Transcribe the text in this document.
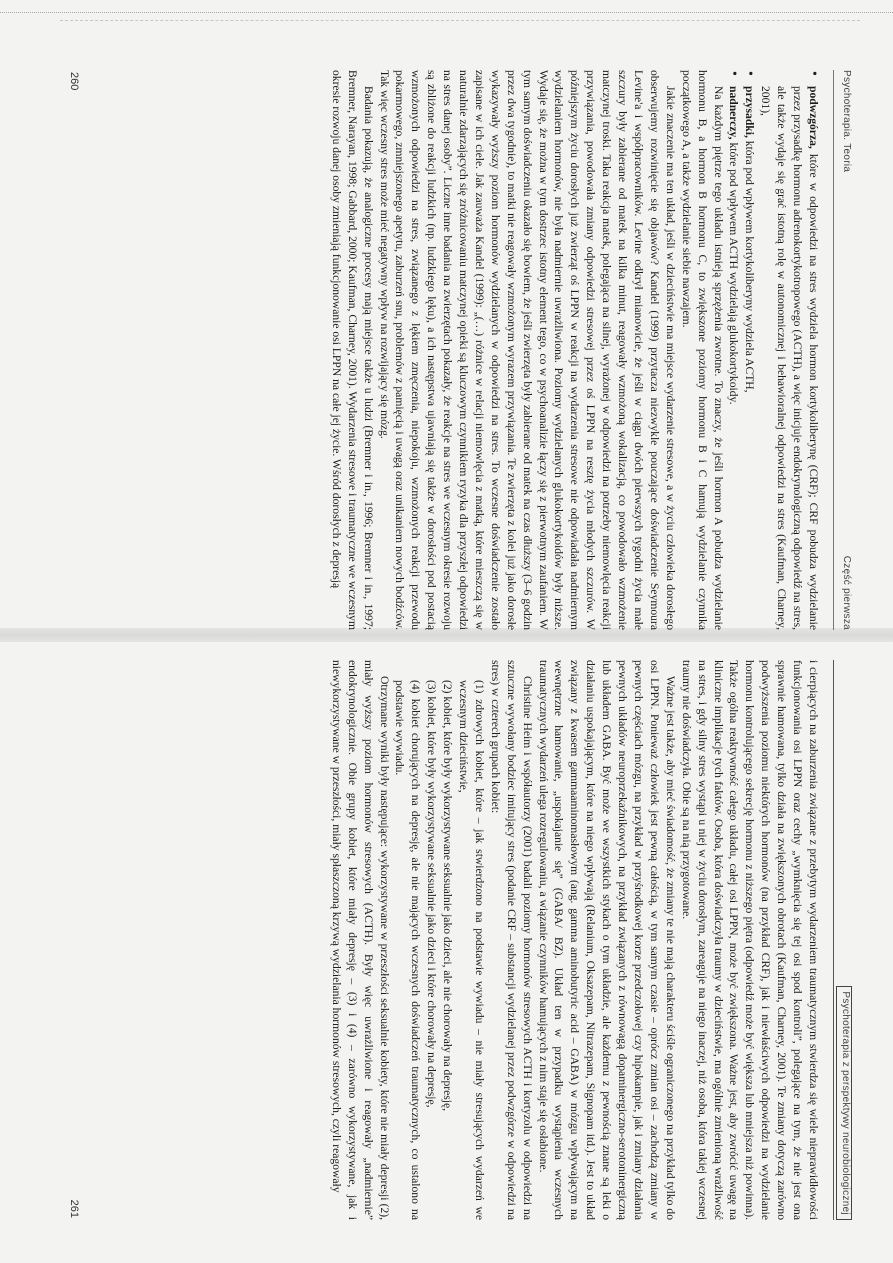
Psychoterapia. Teoria
Część pierwsza
• podwzgórza, które w odpowiedzi na stres wydziela hormon kortykoliberynę (CRF); CRF pobudza wydzielanie przez przysadkę hormonu adrenokortykotropowego (ACTH), a więc inicjuje endokrynologiczną odpowiedź na stres, ale także wydaje się grać istotną rolę w autonomicznej i behawioralnej odpowiedzi na stres (Kaufman, Charney, 2001),
• przysadki, która pod wpływem kortykoliberyny wydziela ACTH,
• nadnerczy, które pod wpływem ACTH wydzielają glukokortykoidy.

Na każdym piętrze tego układu istnieją sprzężenia zwrotne. To znaczy, że jeśli hormon A pobudza wydzielanie hormonu B, a hormon B hormonu C, to zwiększone poziomy hormonu B i C hamują wydzielanie czynnika początkowego A, a także wydzielanie siebie nawzajem.

Jakie znaczenie ma ten układ, jeśli w dzieciństwie ma miejsce wydarzenie stresowe, a w życiu człowieka dorosłego obserwujemy rozwinięcie się objawów? Kandel (1999) przytacza niezwykle pouczające doświadczenie Seymoura Levine'a i współpracowników. Levine odkrył mianowicie, że jeśli w ciągu dwóch pierwszych tygodni życia małe szczury były zabierane od matek na kilka minut, reagowały wzmożoną wokalizacją, co powodowało wzmożenie matczynej troski. Taka reakcja matek, polegająca na silnej, wyrażonej w odpowiedzi na potrzeby niemowlęcia reakcji przywiązania, powodowała zmiany odpowiedzi stresowej przez oś LPPN na resztę życia młodych szczurów. W późniejszym życiu dorosłych już zwierząt oś LPPN w reakcji na wydarzenia stresowe nie odpowiadała nadmiernym wydzielaniem hormonów, nie była nadmiernie uwrażliwiona. Poziomy wydzielanych glukokortykoidów były niższe. Wydaje się, że można w tym dostrzec istotny element tego, co w psychoanalizie łączy się z pierwotnym zaufaniem. W tym samym doświadczeniu okazało się bowiem, że jeśli zwierzęta były zabierane od matek na czas dłuższy (3–6 godzin przez dwa tygodnie), to matki nie reagowały wzmożonym wyrazem przywiązania. Te zwierzęta z kolei już jako dorosłe wykazywały wyższy poziom hormonów wydzielanych w odpowiedzi na stres. To wczesne doświadczenie zostało zapisane w ich ciele. Jak zauważa Kandel (1999): „(…) różnice w relacji niemowlęcia z matką, które mieszczą się w naturalnie zdarzających się zróżnicowaniu matczynej opieki są kluczowym czynnikiem ryzyka dla przyszłej odpowiedzi na stres danej osoby”. Liczne inne badania na zwierzętach pokazały, że reakcje na stres we wczesnym okresie rozwoju są zbliżone do reakcji ludzkich (np. ludzkiego lęku), a ich następstwa ujawniają się także w dorosłości pod postacią wzmożonych odpowiedzi na stres, związanego z lękiem zmęczenia, niepokoju, wzmożonych reakcji przewodu pokarmowego, zmniejszonego apetytu, zaburzeń snu, problemów z pamięcią i uwagą oraz unikaniem nowych bodźców. Tak więc wczesny stres może mieć negatywny wpływ na rozwijający się mózg.

Badania pokazują, że analogiczne procesy mają miejsce także u ludzi (Bremner i in., 1996; Bremner i in., 1997; Bremner, Narayan, 1998; Gabbard, 2000; Kaufman, Charney, 2001). Wydarzenia stresowe i traumatyczne we wczesnym okresie rozwoju danej osoby zmieniają funkcjonowanie osi LPPN na całe jej życie. Wśród dorosłych z depresją

260
Psychoterapia z perspektywy neurobiologicznej

i cierpiących na zaburzenia związane z przebytym wydarzeniem traumatycznym stwierdza się wiele nieprawidłowości funkcjonowania osi LPPN oraz cechy „wymknięcia się tej osi spod kontroli”, polegające na tym, że nie jest ona sprawnie hamowana, tylko działa na zwiększonych obrotach (Kaufman, Charney, 2001). Te zmiany dotyczą zarówno podwyższenia poziomu niektórych hormonów (na przykład CRF), jak i niewłaściwych odpowiedzi na wydzielanie hormonu kontrolującego sekrecję hormonu z niższego piętra (odpowiedź może być większa lub mniejsza niż powinna). Także ogólna reaktywność całego układu, całej osi LPPN, może być zwiększona. Ważne jest, aby zwrócić uwagę na kliniczne implikacje tych faktów. Osoba, która doświadczyła traumy w dzieciństwie, ma ogólnie zmienioną wrażliwość na stres, i gdy silny stres wystąpi u niej w życiu dorosłym, zareaguje na niego inaczej, niż osoba, która takiej wczesnej traumy nie doświadczyła. Obie są na nią przygotowane.

Ważne jest także, aby mieć świadomość, że zmiany te nie mają charakteru ściśle ograniczonego na przykład tylko do osi LPPN. Ponieważ człowiek jest pewną całością, w tym samym czasie – oprócz zmian osi – zachodzą zmiany w pewnych częściach mózgu, na przykład w przyśrodkowej korze przedczołowej czy hipokampie, jak i zmiany działania pewnych układów neuroprzekaźnikowych, na przykład związanych z równowagą dopaminergiczno-serotoninergiczną lub układem GABA. Być może we wszystkich stykach o tym układzie, ale każdemu z pewnością znane są leki o działaniu uspokajającym, które na niego wpływają (Relanium, Oksazepam, Nitrazepam, Signopam itd.). Jest to układ związany z kwasem gammaaminomasłowym (ang. gamma aminobutyric acid – GABA) w mózgu wpływającym na wewnętrzne hamowanie, „uspokajanie się” (GABA/ BZ). Układ ten w przypadku wystąpienia wczesnych traumatycznych wydarzeń ulega rozregulowaniu, a wiązanie czynników hamujących z nim staje się osłabione.

Christine Heim i współautorzy (2001) badali poziomy hormonów stresowych ACTH i kortyzolu w odpowiedzi na sztuczne wywołany bodziec imitujący stres (podanie CRF – substancji wydzielanej przez podwzgórze w odpowiedzi na stres) w czterech grupach kobiet:

(1) zdrowych kobiet, które – jak stwierdzono na podstawie wywiadu – nie miały stresujących wydarzeń we wczesnym dzieciństwie,
(2) kobiet, które były wykorzystywane seksualnie jako dzieci, ale nie chorowały na depresję,
(3) kobiet, które były wykorzystywane seksualnie jako dzieci i które chorowały na depresję,
(4) kobiet chorujących na depresję, ale nie mających wczesnych doświadczeń traumatycznych, co ustalono na podstawie wywiadu.

Otrzymane wyniki były następujące: wykorzystywane w przeszłości seksualnie kobiety, które nie miały depresji (2), miały wyższy poziom hormonów stresowych (ACTH). Były więc uwrażliwione i reagowały „nadmiernie” endokrynologicznie. Obie grupy kobiet, które miały depresję – (3) i (4) – zarówno wykorzystywane, jak i niewykorzystywane w przeszłości, miały spłaszczoną krzywą wydzielania hormonów stresowych, czyli reagowały

261
